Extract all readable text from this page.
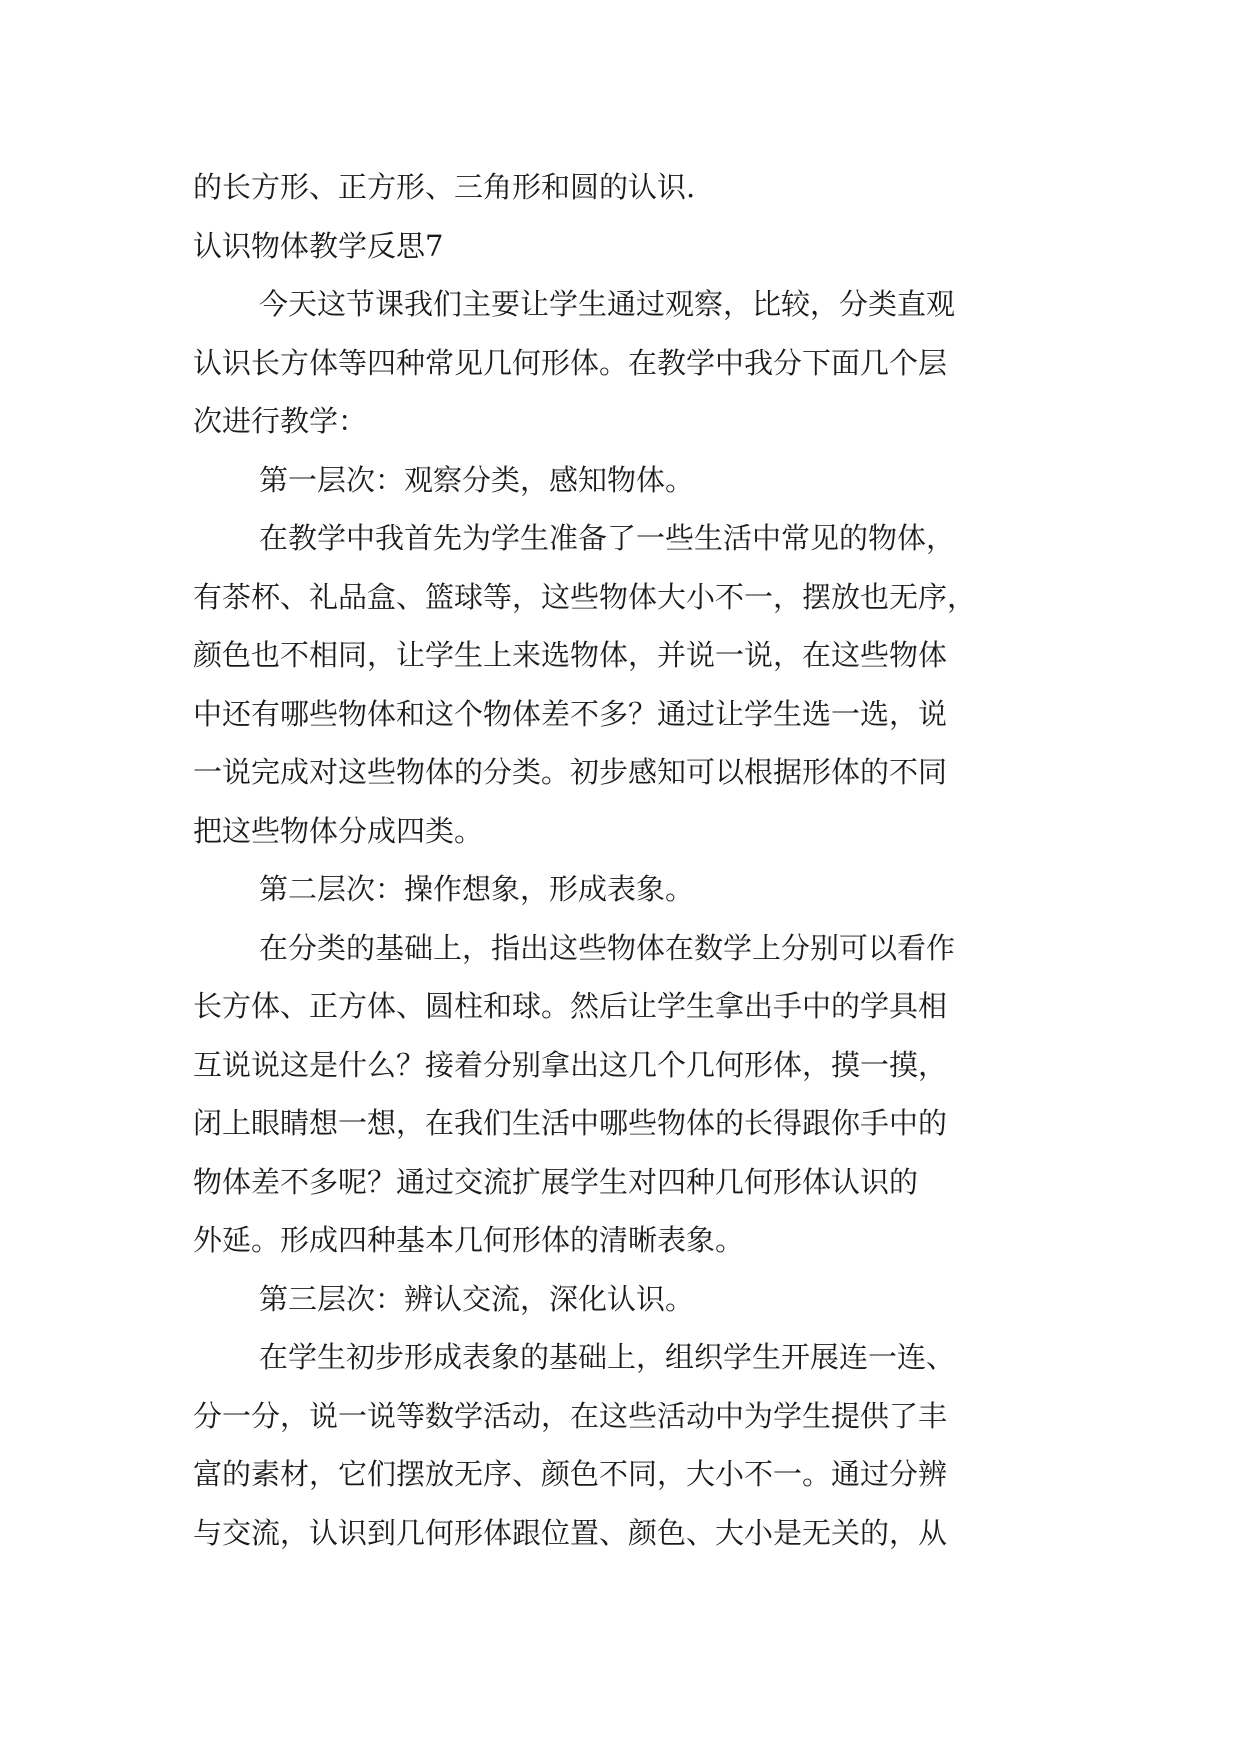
的长方形、正方形、三角形和圆的认识.
认识物体教学反思7
今天这节课我们主要让学生通过观察，比较，分类直观
认识长方体等四种常见几何形体。在教学中我分下面几个层
次进行教学：
第一层次：观察分类，感知物体。
在教学中我首先为学生准备了一些生活中常见的物体，
有茶杯、礼品盒、篮球等，这些物体大小不一，摆放也无序，
颜色也不相同，让学生上来选物体，并说一说，在这些物体
中还有哪些物体和这个物体差不多？通过让学生选一选，说
一说完成对这些物体的分类。初步感知可以根据形体的不同
把这些物体分成四类。
第二层次：操作想象，形成表象。
在分类的基础上，指出这些物体在数学上分别可以看作
长方体、正方体、圆柱和球。然后让学生拿出手中的学具相
互说说这是什么？接着分别拿出这几个几何形体，摸一摸，
闭上眼睛想一想，在我们生活中哪些物体的长得跟你手中的
物体差不多呢？通过交流扩展学生对四种几何形体认识的
外延。形成四种基本几何形体的清晰表象。
第三层次：辨认交流，深化认识。
在学生初步形成表象的基础上，组织学生开展连一连、
分一分，说一说等数学活动，在这些活动中为学生提供了丰
富的素材，它们摆放无序、颜色不同，大小不一。通过分辨
与交流，认识到几何形体跟位置、颜色、大小是无关的，从
